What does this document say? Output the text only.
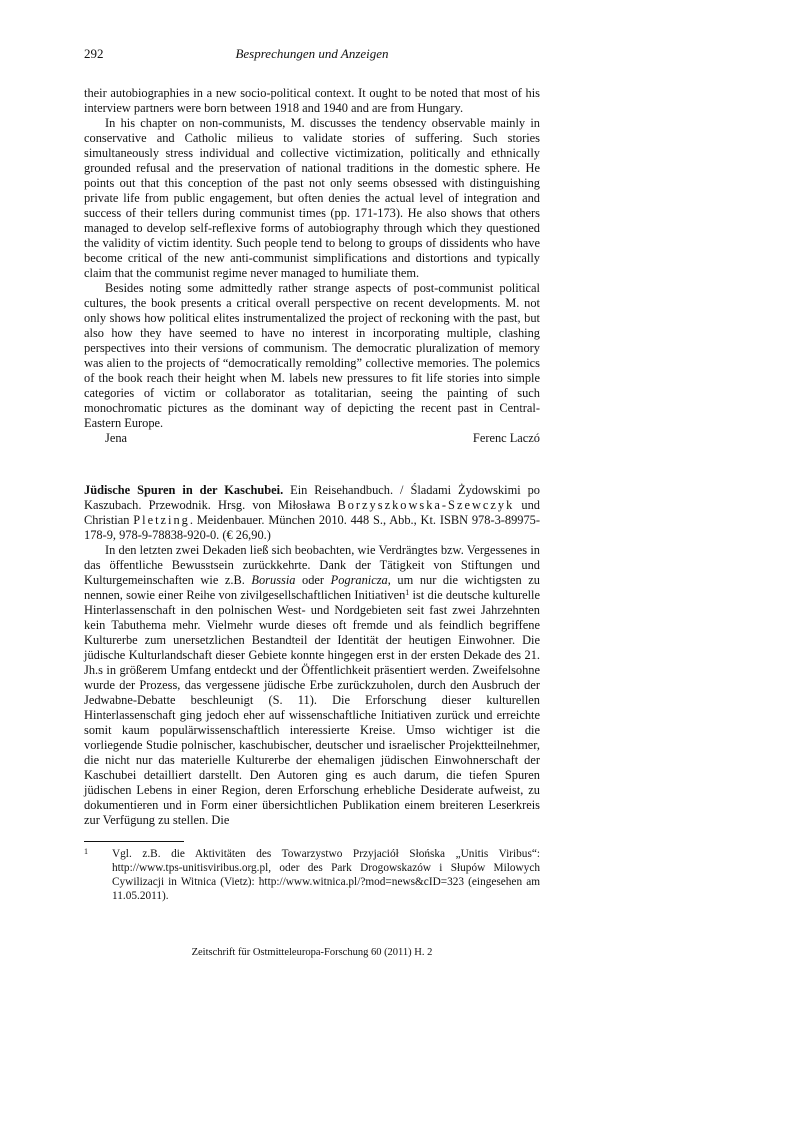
292	Besprechungen und Anzeigen

their autobiographies in a new socio-political context. It ought to be noted that most of his interview partners were born between 1918 and 1940 and are from Hungary.

In his chapter on non-communists, M. discusses the tendency observable mainly in conservative and Catholic milieus to validate stories of suffering. Such stories simultaneously stress individual and collective victimization, politically and ethnically grounded refusal and the preservation of national traditions in the domestic sphere. He points out that this conception of the past not only seems obsessed with distinguishing private life from public engagement, but often denies the actual level of integration and success of their tellers during communist times (pp. 171-173). He also shows that others managed to develop self-reflexive forms of autobiography through which they questioned the validity of victim identity. Such people tend to belong to groups of dissidents who have become critical of the new anti-communist simplifications and distortions and typically claim that the communist regime never managed to humiliate them.

Besides noting some admittedly rather strange aspects of post-communist political cultures, the book presents a critical overall perspective on recent developments. M. not only shows how political elites instrumentalized the project of reckoning with the past, but also how they have seemed to have no interest in incorporating multiple, clashing perspectives into their versions of communism. The democratic pluralization of memory was alien to the projects of “democratically remolding” collective memories. The polemics of the book reach their height when M. labels new pressures to fit life stories into simple categories of victim or collaborator as totalitarian, seeing the painting of such monochromatic pictures as the dominant way of depicting the recent past in Central-Eastern Europe.

Jena	Ferenc Laczó

Jüdische Spuren in der Kaschubei. Ein Reisehandbuch. / Śladami Żydowskimi po Kaszubach. Przewodnik. Hrsg. von Miłosława Borzyszkowska-Szewczyk und Christian Pletzing. Meidenbauer. München 2010. 448 S., Abb., Kt. ISBN 978-3-89975-178-9, 978-9-78838-920-0. (€ 26,90.)

In den letzten zwei Dekaden ließ sich beobachten, wie Verdrängtes bzw. Vergessenes in das öffentliche Bewusstsein zurückkehrte. Dank der Tätigkeit von Stiftungen und Kulturgemeinschaften wie z.B. Borussia oder Pogranicza, um nur die wichtigsten zu nennen, sowie einer Reihe von zivilgesellschaftlichen Initiativen$^1$ ist die deutsche kulturelle Hinterlassenschaft in den polnischen West- und Nordgebieten seit fast zwei Jahrzehnten kein Tabuthema mehr. Vielmehr wurde dieses oft fremde und als feindlich begriffene Kulturerbe zum unersetzlichen Bestandteil der Identität der heutigen Einwohner. Die jüdische Kulturlandschaft dieser Gebiete konnte hingegen erst in der ersten Dekade des 21. Jh.s in größerem Umfang entdeckt und der Öffentlichkeit präsentiert werden. Zweifelsohne wurde der Prozess, das vergessene jüdische Erbe zurückzuholen, durch den Ausbruch der Jedwabne-Debatte beschleunigt (S. 11). Die Erforschung dieser kulturellen Hinterlassenschaft ging jedoch eher auf wissenschaftliche Initiativen zurück und erreichte somit kaum populärwissenschaftlich interessierte Kreise. Umso wichtiger ist die vorliegende Studie polnischer, kaschubischer, deutscher und israelischer Projektteilnehmer, die nicht nur das materielle Kulturerbe der ehemaligen jüdischen Einwohnerschaft der Kaschubei detailliert darstellt. Den Autoren ging es auch darum, die tiefen Spuren jüdischen Lebens in einer Region, deren Erforschung erhebliche Desiderate aufweist, zu dokumentieren und in Form einer übersichtlichen Publikation einem breiteren Leserkreis zur Verfügung zu stellen. Die

1	Vgl. z.B. die Aktivitäten des Towarzystwo Przyjaciół Słońska „Unitis Viribus“: http://www.tps-unitisviribus.org.pl, oder des Park Drogowskazów i Słupów Milowych Cywilizacji in Witnica (Vietz): http://www.witnica.pl/?mod=news&cID=323 (eingesehen am 11.05.2011).
Zeitschrift für Ostmitteleuropa-Forschung 60 (2011) H. 2
